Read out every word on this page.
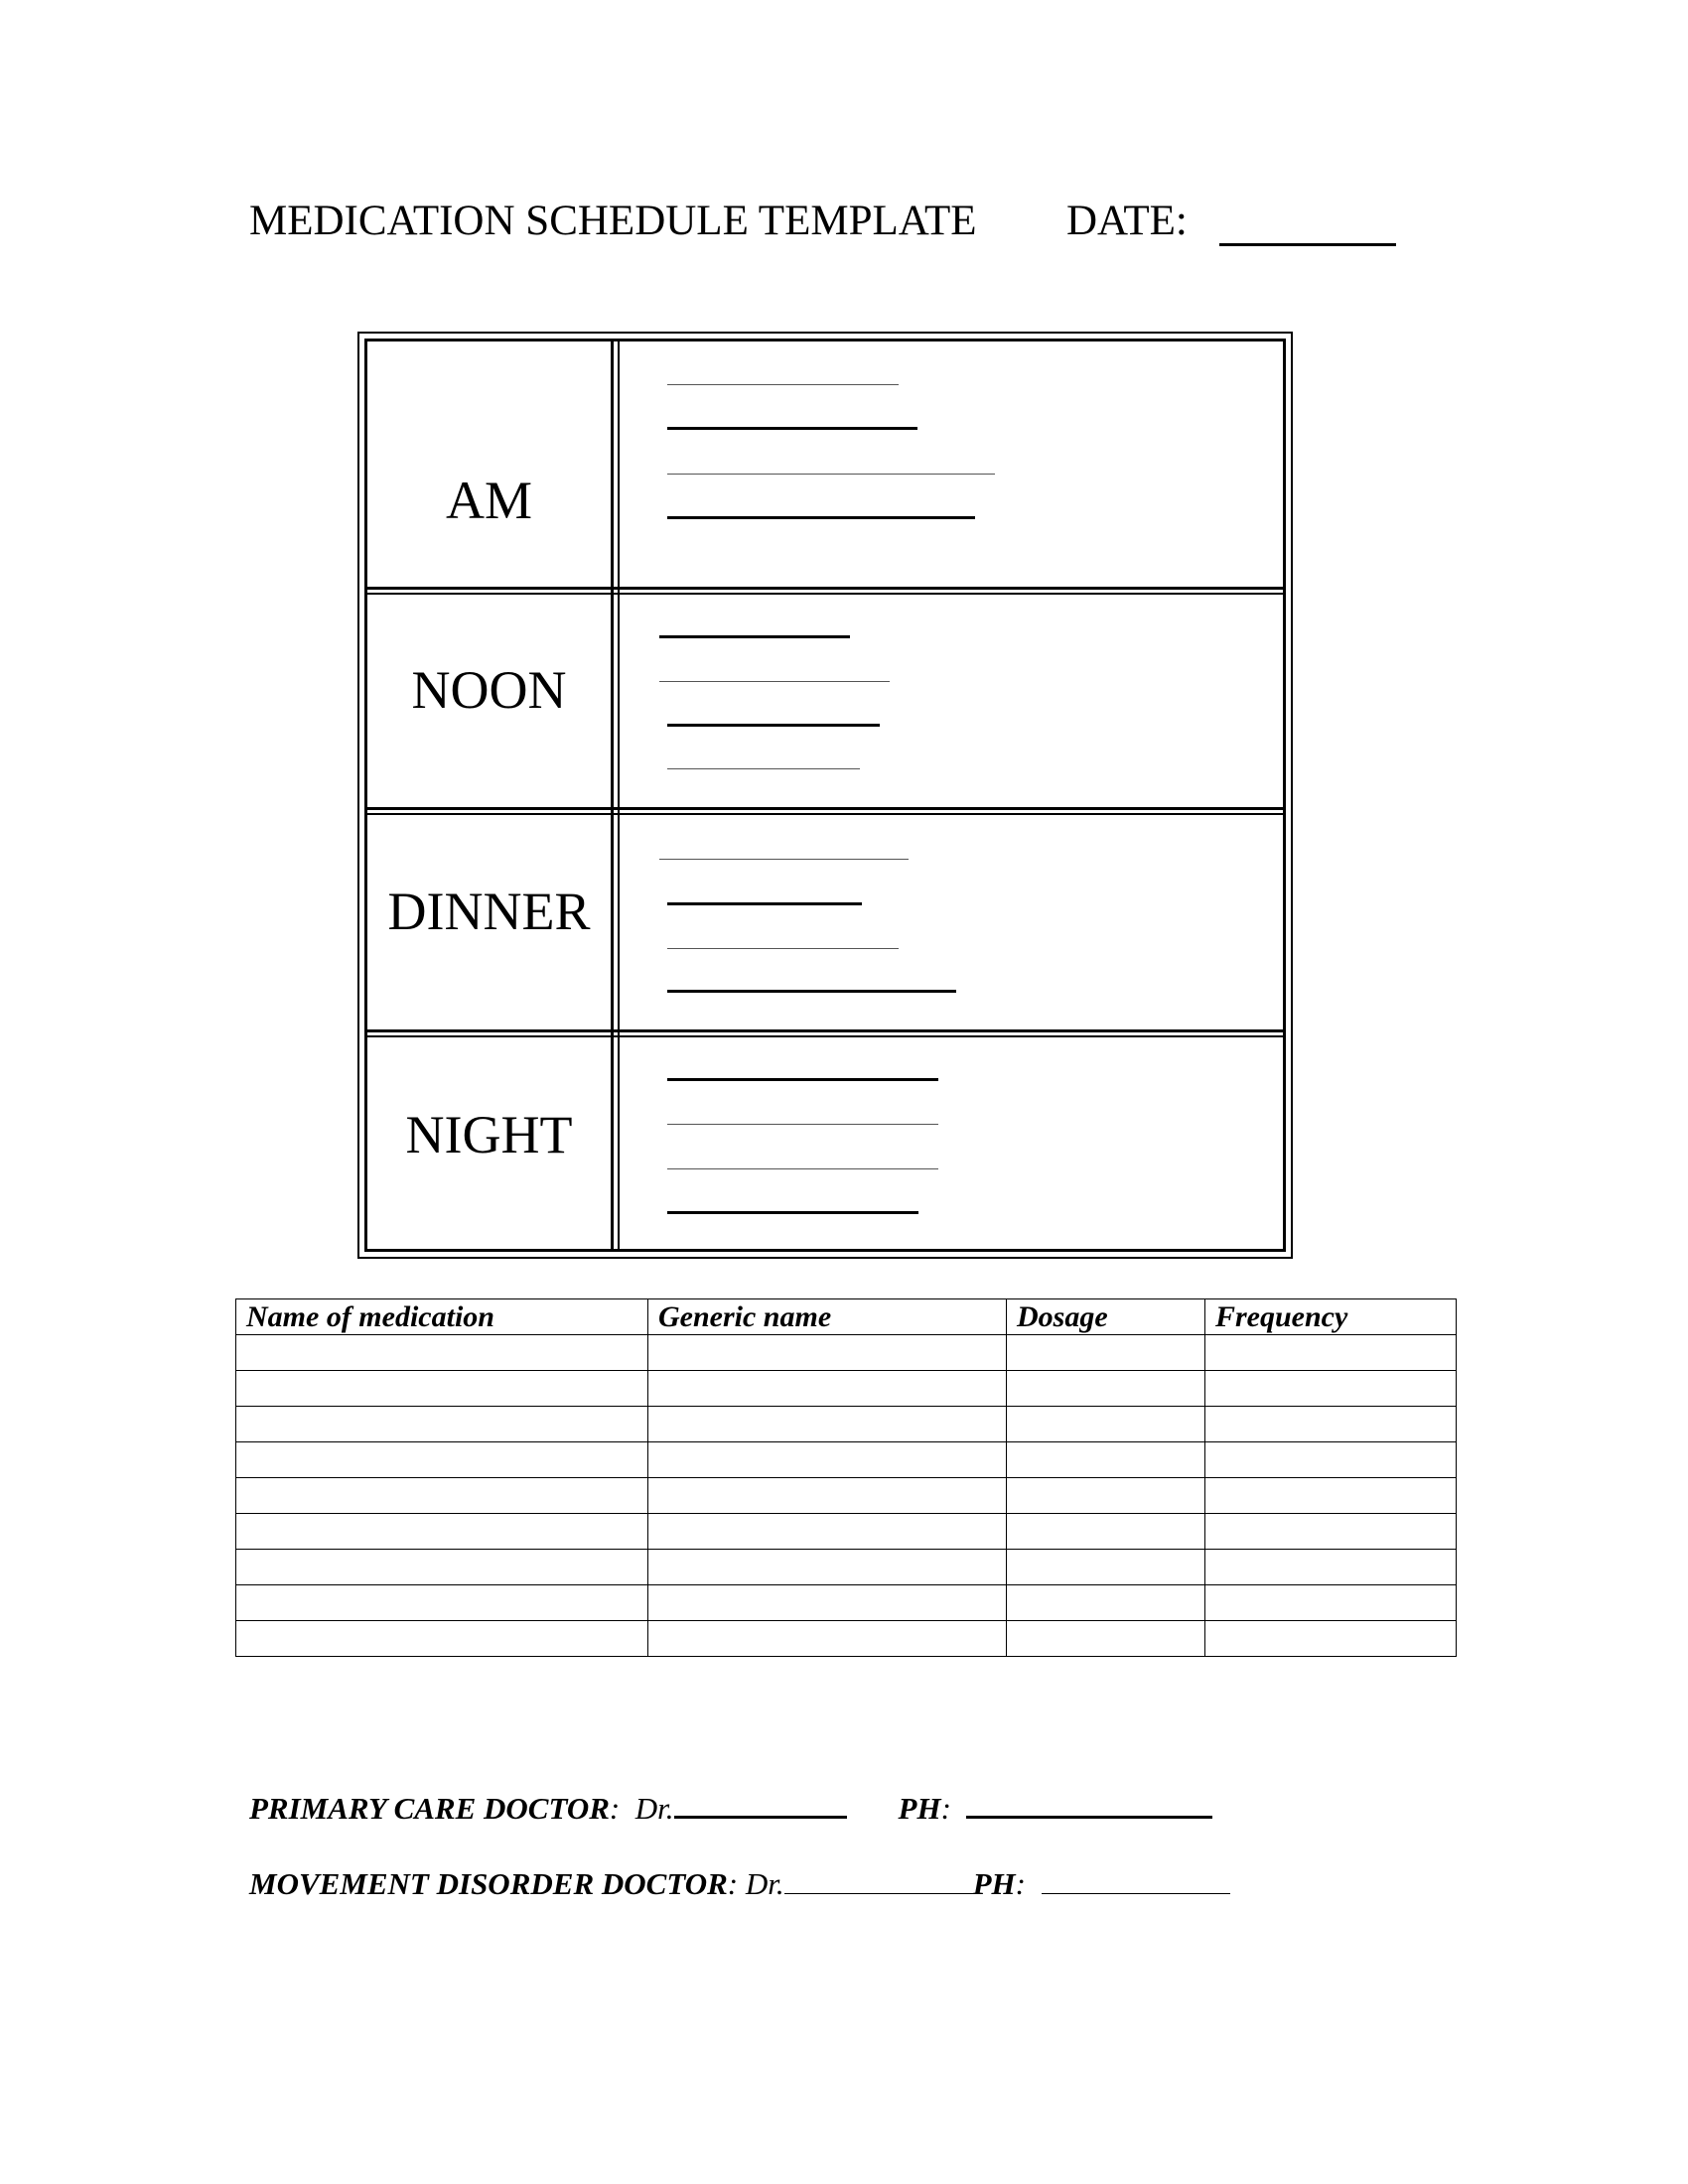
MEDICATION SCHEDULE TEMPLATE DATE:
AM
NOON
DINNER
NIGHT
Name of medication	Generic name	Dosage	Frequency

PRIMARY CARE DOCTOR:  Dr.	PH:
MOVEMENT DISORDER DOCTOR: Dr.	PH:
